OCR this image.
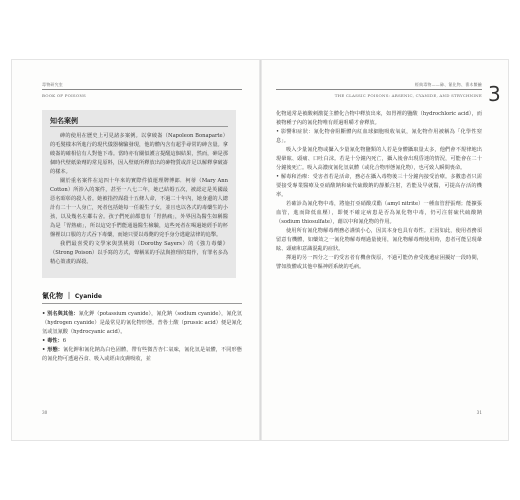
毒物研究室
BOOK OF POISONS
知名案例

砷的使用在歷史上可見諸多案例。以拿破崙（Napoleon Bonaparte）的毛髮樣本所進行的現代儀器檢驗發現，他的體內含有超乎尋常的砷含量。拿破崙的確相信有人對他下毒。當時亦有關似護言提醒這個結果，然而，砷是那個時代壁紙染劑的常見原料，因入壁紙所釋放出的砷物質或許足以解釋拿破崙的樣本。

關於重名案件在這四十年來的實際件偵運理牌博郎．柯蒂（Mary Ann Cotton）所涉入的案件，甚至一八七二年，她已結婚五次，被認定是英國最惡名昭彰的殺人者。她被指控謀殺十五條人命，不過二十年內，她身邊的人總計有二十一人身亡，死者包括她每一任親生子女，並且也以各式的毒藥生的小孩，以及幾名左鄰右舍。孩子們死前都患有「胃熱痛」，外界因為醫生如稱醫為是「胃熱痛」，所以這兇手們能通過醫生檢驗，這些死者在喝過她經手的杯盤裡以口服的方式吞下毒藥，而她只要以毒斃的兇手身分逃避法律的追擊。

我們最喜愛的文學家與黑桃姆（Dorothy Sayers）的《強力毒藥》（Strong Poison）以手寫的方式，聲稱某的手法與推理的寫作，有罪名多為精心策畫的謀殺。

氰化物 ｜ Cyanide

• 別名與其他：氰化鉀（potassium cyanide），氰化鈉（sodium cyanide），氰化氫（hydrogen cyanide）是最常見的氰化物形態。普魯士酸（prussic acid）便是氰化氫或氫氰酸（hydrocyanic acid）。

• 毒性：6

• 形態：氰化鉀和氰化鈉為白色固體，帶有些微苦杏仁氣味，氰化氫是氣體，不同形態的氰化物可透過吞食、吸入或經由皮膚吸收，並

30
經典毒物——砷、氰化物、番木鱉鹼
THE CLASSIC POISONS: ARSENIC, CYANIDE, AND STRYCHNINE 3

化物通常是被酸刺激從主體化合物中釋放出來，如胃裡的鹽酸（hydrochloric acid），而被物種子內的氰化物唯有經過咀嚼才會釋放。

• 影響和症狀：氰化物會阻斷體內紅血球細胞吸收氧氣，氰化物作用被稱為「化學性窒息」。

吸入少量氰化物或攝入少量氰化物鹽類的人若是身體攝取量太多，他們會不規律地出現暈眩、頭痛、口吐白沫。若是十分鐘內死亡，攝入後會出現昏迷的情況，可能會在二十分鐘後死亡。吸入高濃度氰化氫氣體（或化合物形態氰化物），也可致人瞬間喪命。

• 解毒和治療：受害者若是活命，務必在攝入毒物後三十分鐘內接受治療。多數患者只需要接受專業醫療及亞硝酸鈉和硫代硫酸鈉的靜脈注射，若能及早就醫，可提高存活的機率。

若確診為氰化物中毒，將施打亞硝酸戊酯（amyl nitrite）一種血管舒張劑；能擴張血管，進而降低血壓），即便不確定病患是否為氰化物中毒，仍可注射硫代硫酸鈉（sodium thiosulfate），藉以中和氰化物的作用。

使用所有氰化物解毒劑務必謹慎小心，因其本身也具有毒性。正因如此，使用者務須留意有機體，如藥效之一氰化物解毒劑過量使用，氰化物解毒劑使用時，患者可能呈現暈眩、頭痛和意識混亂的症狀。

擇過的另一四分之一的受害者有機會復原，不過可能仍會受後遺症困擾好一段時間，譬如肢體或其他中樞神經系統的毛病。

31
